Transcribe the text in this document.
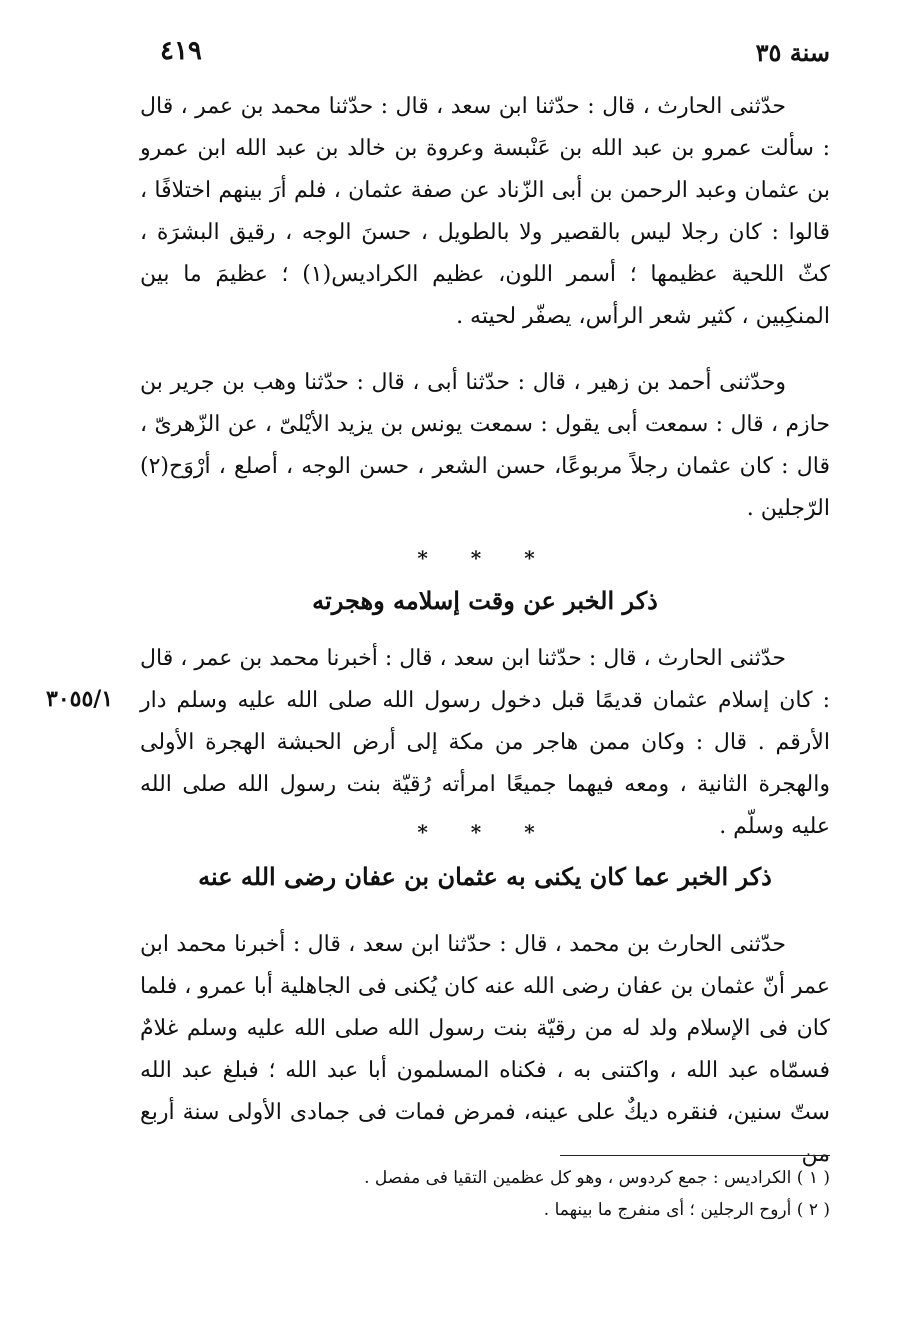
٤١٩	سنة ٣٥

حدّثنى الحارث ، قال : حدّثنا ابن سعد ، قال : حدّثنا محمد بن عمر ، قال : سألت عمرو بن عبد الله بن عَنْبسة وعروة بن خالد بن عبد الله ابن عمرو بن عثمان وعبد الرحمن بن أبى الزّناد عن صفة عثمان ، فلم أرَ بينهم اختلافًا ، قالوا : كان رجلا ليس بالقصير ولا بالطويل ، حسنَ الوجه ، رقيق البشرَة ، كثّ اللحية عظيمها ؛ أسمر اللون، عظيم الكراديس(١) ؛ عظيمَ ما بين المنكِبين ، كثير شعر الرأس، يصفّر لحيته .

وحدّثنى أحمد بن زهير ، قال : حدّثنا أبى ، قال : حدّثنا وهب بن جرير بن حازم ، قال : سمعت أبى يقول : سمعت يونس بن يزيد الأيْلىّ ، عن الزّهرىّ ، قال : كان عثمان رجلاً مربوعًا، حسن الشعر ، حسن الوجه ، أصلع ، أرْوَح(٢) الرّجلين .

* * *
ذكر الخبر عن وقت إسلامه وهجرته

حدّثنى الحارث ، قال : حدّثنا ابن سعد ، قال : أخبرنا محمد بن عمر ، قال : كان إسلام عثمان قديمًا قبل دخول رسول الله صلى الله عليه وسلم دار الأرقم . قال : وكان ممن هاجر من مكة إلى أرض الحبشة الهجرة الأولى والهجرة الثانية ، ومعه فيهما جميعًا امرأته رُقيّة بنت رسول الله صلى الله عليه وسلّم .

٣٠٥٥/١
* * *
ذكر الخبر عما كان يكنى به عثمان بن عفان رضى الله عنه

حدّثنى الحارث بن محمد ، قال : حدّثنا ابن سعد ، قال : أخبرنا محمد ابن عمر أنّ عثمان بن عفان رضى الله عنه كان يُكنى فى الجاهلية أبا عمرو ، فلما كان فى الإسلام ولد له من رقيّة بنت رسول الله صلى الله عليه وسلم غلامٌ فسمّاه عبد الله ، واكتنى به ، فكناه المسلمون أبا عبد الله ؛ فبلغ عبد الله ستّ سنين، فنقره ديكٌ على عينه، فمرض فمات فى جمادى الأولى سنة أربع من

( ١ ) الكراديس : جمع كردوس ، وهو كل عظمين التقيا فى مفصل .

( ٢ ) أروح الرجلين ؛ أى منفرج ما بينهما .
